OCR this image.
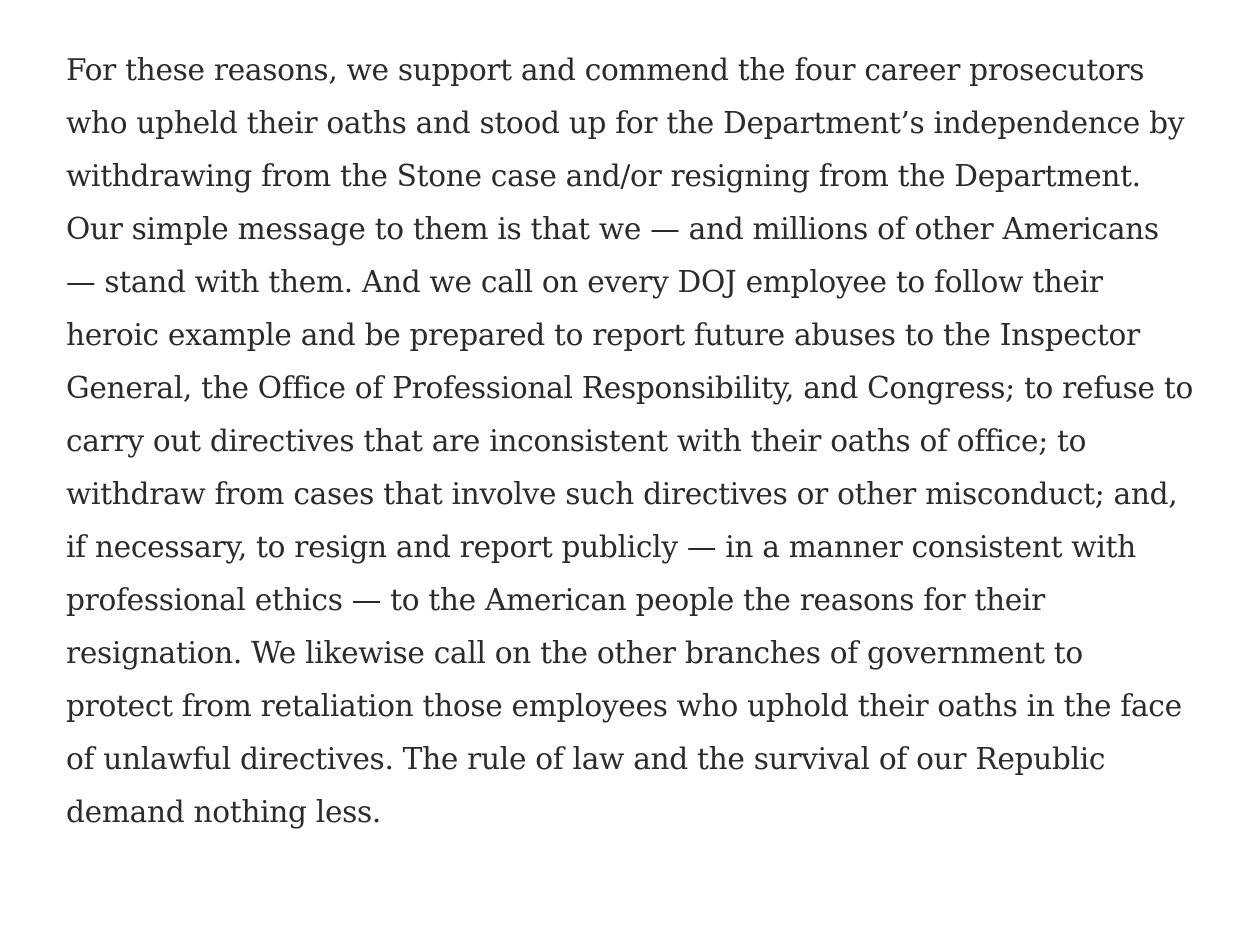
For these reasons, we support and commend the four career prosecutors
who upheld their oaths and stood up for the Department’s independence by
withdrawing from the Stone case and/or resigning from the Department.
Our simple message to them is that we — and millions of other Americans
— stand with them. And we call on every DOJ employee to follow their
heroic example and be prepared to report future abuses to the Inspector
General, the Office of Professional Responsibility, and Congress; to refuse to
carry out directives that are inconsistent with their oaths of office; to
withdraw from cases that involve such directives or other misconduct; and,
if necessary, to resign and report publicly — in a manner consistent with
professional ethics — to the American people the reasons for their
resignation. We likewise call on the other branches of government to
protect from retaliation those employees who uphold their oaths in the face
of unlawful directives. The rule of law and the survival of our Republic
demand nothing less.
